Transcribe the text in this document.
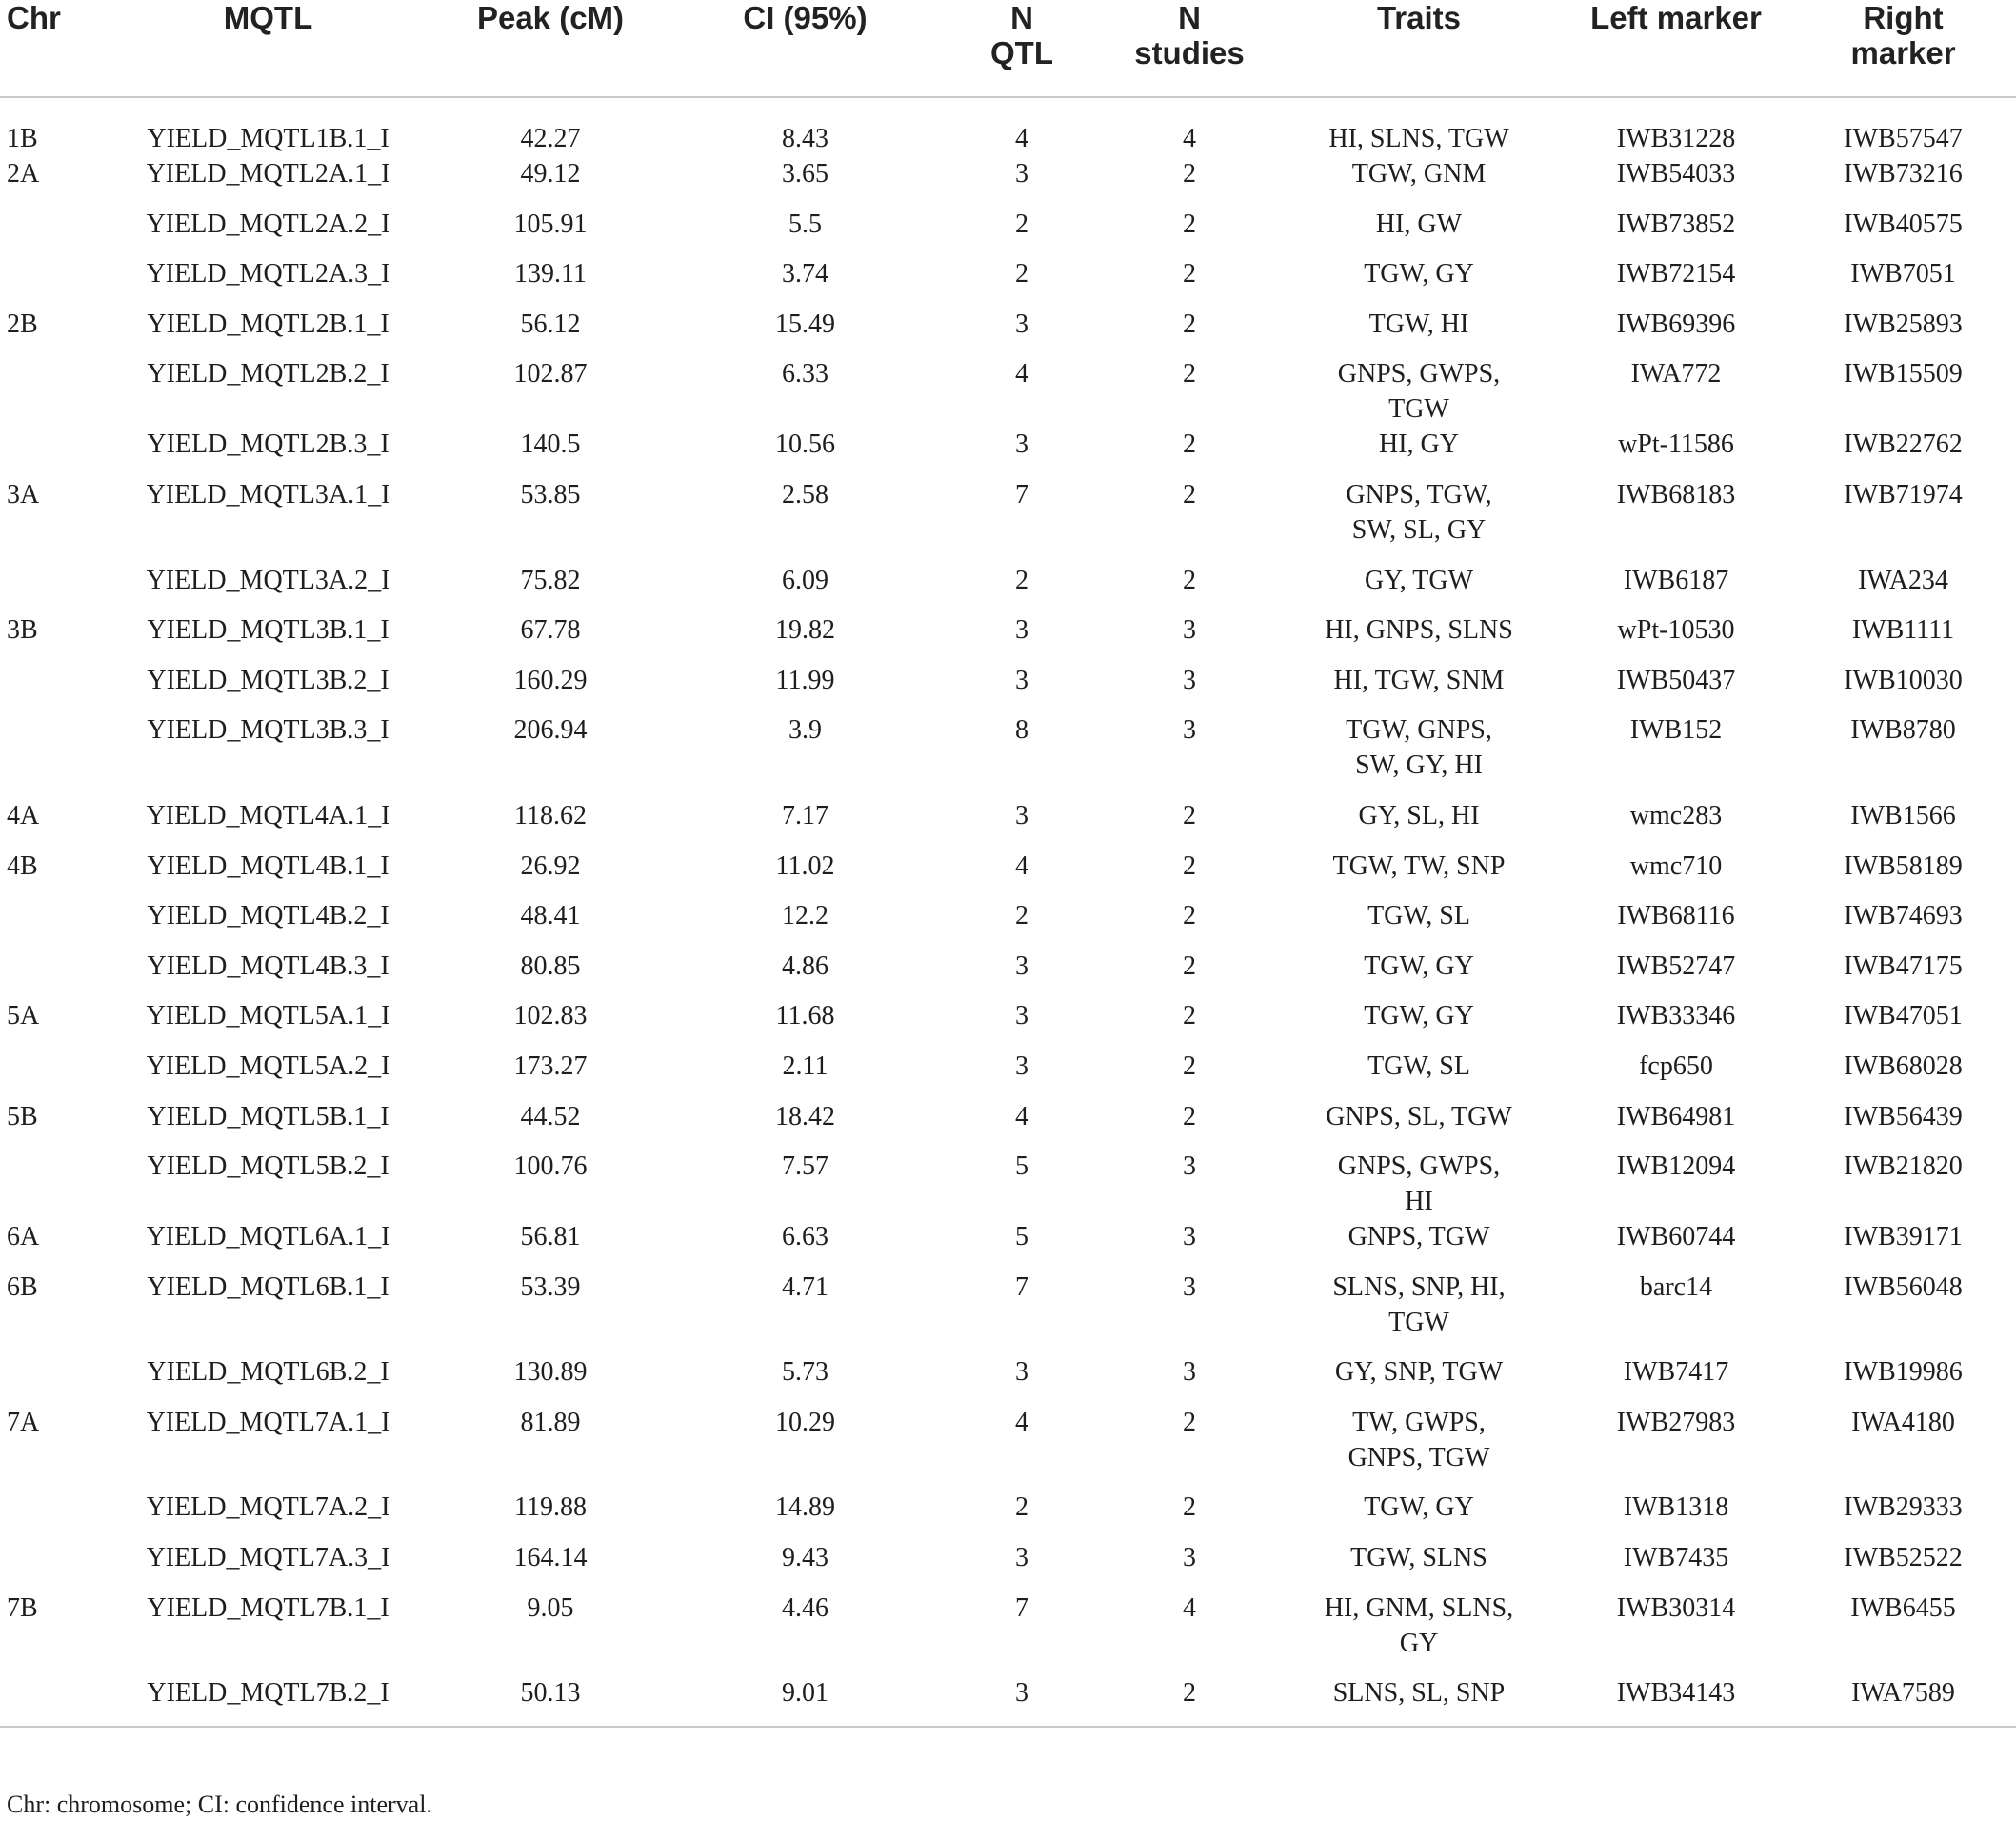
Chr	MQTL	Peak (cM)	CI (95%)	N QTL	N studies	Traits	Left marker	Right marker

1B	YIELD_MQTL1B.1_I	42.27	8.43	4	4	HI, SLNS, TGW	IWB31228	IWB57547
2A	YIELD_MQTL2A.1_I	49.12	3.65	3	2	TGW, GNM	IWB54033	IWB73216
	YIELD_MQTL2A.2_I	105.91	5.5	2	2	HI, GW	IWB73852	IWB40575
	YIELD_MQTL2A.3_I	139.11	3.74	2	2	TGW, GY	IWB72154	IWB7051
2B	YIELD_MQTL2B.1_I	56.12	15.49	3	2	TGW, HI	IWB69396	IWB25893
	YIELD_MQTL2B.2_I	102.87	6.33	4	2	GNPS, GWPS, TGW	IWA772	IWB15509
	YIELD_MQTL2B.3_I	140.5	10.56	3	2	HI, GY	wPt-11586	IWB22762
3A	YIELD_MQTL3A.1_I	53.85	2.58	7	2	GNPS, TGW, SW, SL, GY	IWB68183	IWB71974
	YIELD_MQTL3A.2_I	75.82	6.09	2	2	GY, TGW	IWB6187	IWA234
3B	YIELD_MQTL3B.1_I	67.78	19.82	3	3	HI, GNPS, SLNS	wPt-10530	IWB1111
	YIELD_MQTL3B.2_I	160.29	11.99	3	3	HI, TGW, SNM	IWB50437	IWB10030
	YIELD_MQTL3B.3_I	206.94	3.9	8	3	TGW, GNPS, SW, GY, HI	IWB152	IWB8780
4A	YIELD_MQTL4A.1_I	118.62	7.17	3	2	GY, SL, HI	wmc283	IWB1566
4B	YIELD_MQTL4B.1_I	26.92	11.02	4	2	TGW, TW, SNP	wmc710	IWB58189
	YIELD_MQTL4B.2_I	48.41	12.2	2	2	TGW, SL	IWB68116	IWB74693
	YIELD_MQTL4B.3_I	80.85	4.86	3	2	TGW, GY	IWB52747	IWB47175
5A	YIELD_MQTL5A.1_I	102.83	11.68	3	2	TGW, GY	IWB33346	IWB47051
	YIELD_MQTL5A.2_I	173.27	2.11	3	2	TGW, SL	fcp650	IWB68028
5B	YIELD_MQTL5B.1_I	44.52	18.42	4	2	GNPS, SL, TGW	IWB64981	IWB56439
	YIELD_MQTL5B.2_I	100.76	7.57	5	3	GNPS, GWPS, HI	IWB12094	IWB21820
6A	YIELD_MQTL6A.1_I	56.81	6.63	5	3	GNPS, TGW	IWB60744	IWB39171
6B	YIELD_MQTL6B.1_I	53.39	4.71	7	3	SLNS, SNP, HI, TGW	barc14	IWB56048
	YIELD_MQTL6B.2_I	130.89	5.73	3	3	GY, SNP, TGW	IWB7417	IWB19986
7A	YIELD_MQTL7A.1_I	81.89	10.29	4	2	TW, GWPS, GNPS, TGW	IWB27983	IWA4180
	YIELD_MQTL7A.2_I	119.88	14.89	2	2	TGW, GY	IWB1318	IWB29333
	YIELD_MQTL7A.3_I	164.14	9.43	3	3	TGW, SLNS	IWB7435	IWB52522
7B	YIELD_MQTL7B.1_I	9.05	4.46	7	4	HI, GNM, SLNS, GY	IWB30314	IWB6455
	YIELD_MQTL7B.2_I	50.13	9.01	3	2	SLNS, SL, SNP	IWB34143	IWA7589
Chr: chromosome; CI: confidence interval.
